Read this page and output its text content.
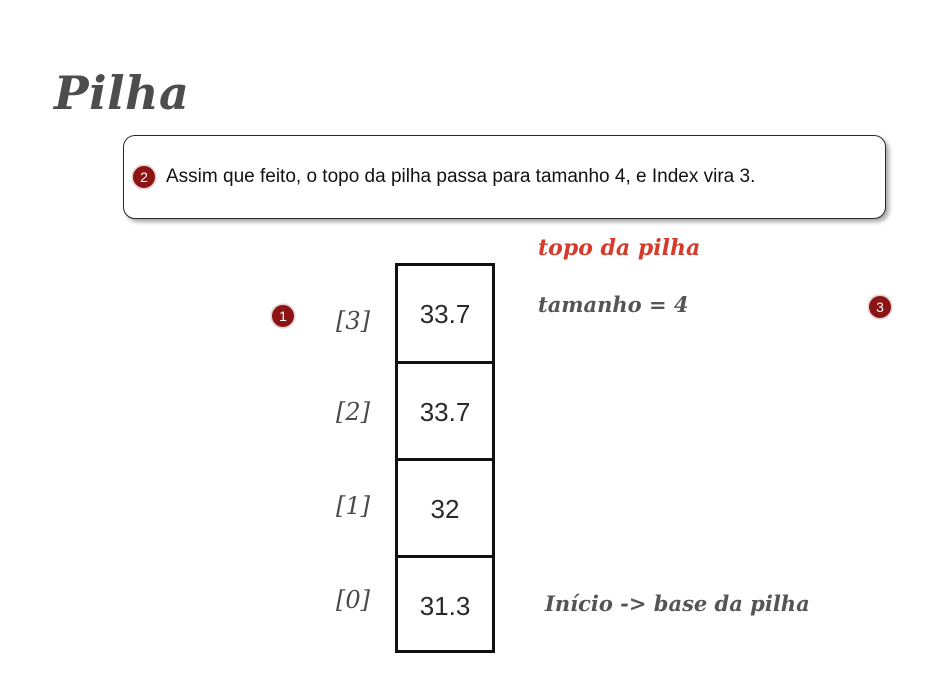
Pilha
2 Assim que feito, o topo da pilha passa para tamanho 4, e Index vira 3.
1
3
[3]
[2]
[1]
[0]
33.7
33.7
32
31.3
topo da pilha
tamanho = 4
Início -> base da pilha
